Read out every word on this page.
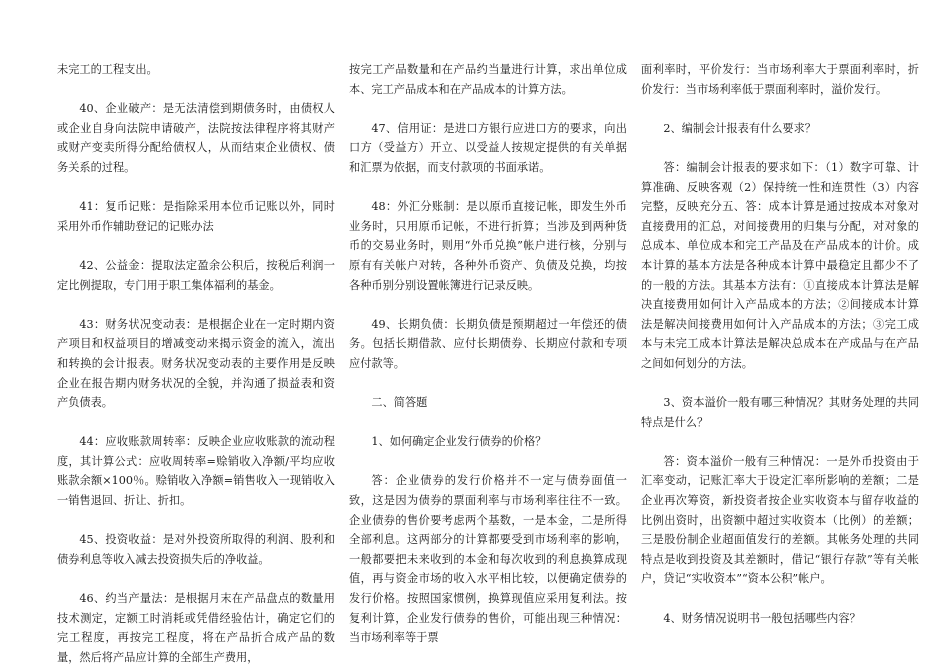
未完工的工程支出。

40、企业破产：是无法清偿到期债务时，由债权人或企业自身向法院申请破产，法院按法律程序将其财产或财产变卖所得分配给债权人，从而结束企业债权、债务关系的过程。

41：复币记账：是指除采用本位币记账以外，同时采用外币作辅助登记的记账办法

42、公益金：提取法定盈余公积后，按税后利润一定比例提取，专门用于职工集体福利的基金。

43：财务状况变动表：是根据企业在一定时期内资产项目和权益项目的增减变动来揭示资金的流入，流出和转换的会计报表。财务状况变动表的主要作用是反映企业在报告期内财务状况的全貌，并沟通了损益表和资产负债表。

44：应收账款周转率：反映企业应收账款的流动程度，其计算公式：应收周转率=赊销收入净额/平均应收账款余额×100％。赊销收入净额=销售收入一现销收入一销售退回、折让、折扣。

45、投资收益：是对外投资所取得的利润、股利和债券利息等收入减去投资损失后的净收益。

46、约当产量法：是根据月末在产品盘点的数量用技术测定，定额工时消耗或凭借经验估计，确定它们的完工程度，再按完工程度，将在产品折合成产品的数量，然后将产品应计算的全部生产费用，

按完工产品数量和在产品约当量进行计算，求出单位成本、完工产品成本和在产品成本的计算方法。

47、信用证：是进口方银行应进口方的要求，向出口方（受益方）开立、以受益人按规定提供的有关单据和汇票为依据，而支付款项的书面承诺。

48：外汇分账制：是以原币直接记帐，即发生外币业务时，只用原币记帐，不进行折算；当涉及到两种货币的交易业务时，则用“外币兑换”帐户进行核，分别与原有有关帐户对转，各种外币资产、负债及兑换，均按各种币别分别设置帐簿进行记录反映。

49、长期负债：长期负债是预期超过一年偿还的债务。包括长期借款、应付长期债券、长期应付款和专项应付款等。

二、简答题

1、如何确定企业发行债券的价格？

答：企业债券的发行价格并不一定与债券面值一致，这是因为债券的票面利率与市场利率往往不一致。企业债券的售价要考虑两个基数，一是本金，二是所得全部利息。这两部分的计算都要受到市场利率的影响，一般都要把未来收到的本金和每次收到的利息换算成现值，再与资金市场的收入水平相比较，以便确定债券的发行价格。按照国家惯例，换算现值应采用复利法。按复利计算，企业发行债券的售价，可能出现三种情况：当市场利率等于票

面利率时，平价发行：当市场利率大于票面利率时，折价发行：当市场利率低于票面利率时，溢价发行。

2、编制会计报表有什么要求？

答：编制会计报表的要求如下：（1）数字可靠、计算准确、反映客观（2）保持统一性和连贯性（3）内容完整，反映充分五、答：成本计算是通过按成本对象对直接费用的汇总，对间接费用的归集与分配，对对象的总成本、单位成本和完工产品及在产品成本的计价。成本计算的基本方法是各种成本计算中最稳定且都少不了的一般的方法。其基本方法有：①直接成本计算法是解决直接费用如何计入产品成本的方法；②间接成本计算法是解决间接费用如何计入产品成本的方法；③完工成本与未完工成本计算法是解决总成本在产成品与在产品之间如何划分的方法。

3、资本溢价一般有哪三种情况？其财务处理的共同特点是什么？

答：资本溢价一般有三种情况：一是外币投资由于汇率变动，记账汇率大于设定汇率所影响的差额；二是企业再次筹资，新投资者按企业实收资本与留存收益的比例出资时，出资额中超过实收资本（比例）的差额；三是股份制企业超面值发行的差额。其帐务处理的共同特点是收到投资及其差额时，借记“银行存款”等有关帐户，贷记“实收资本”“资本公积”帐户。

4、财务情况说明书一般包括哪些内容？
